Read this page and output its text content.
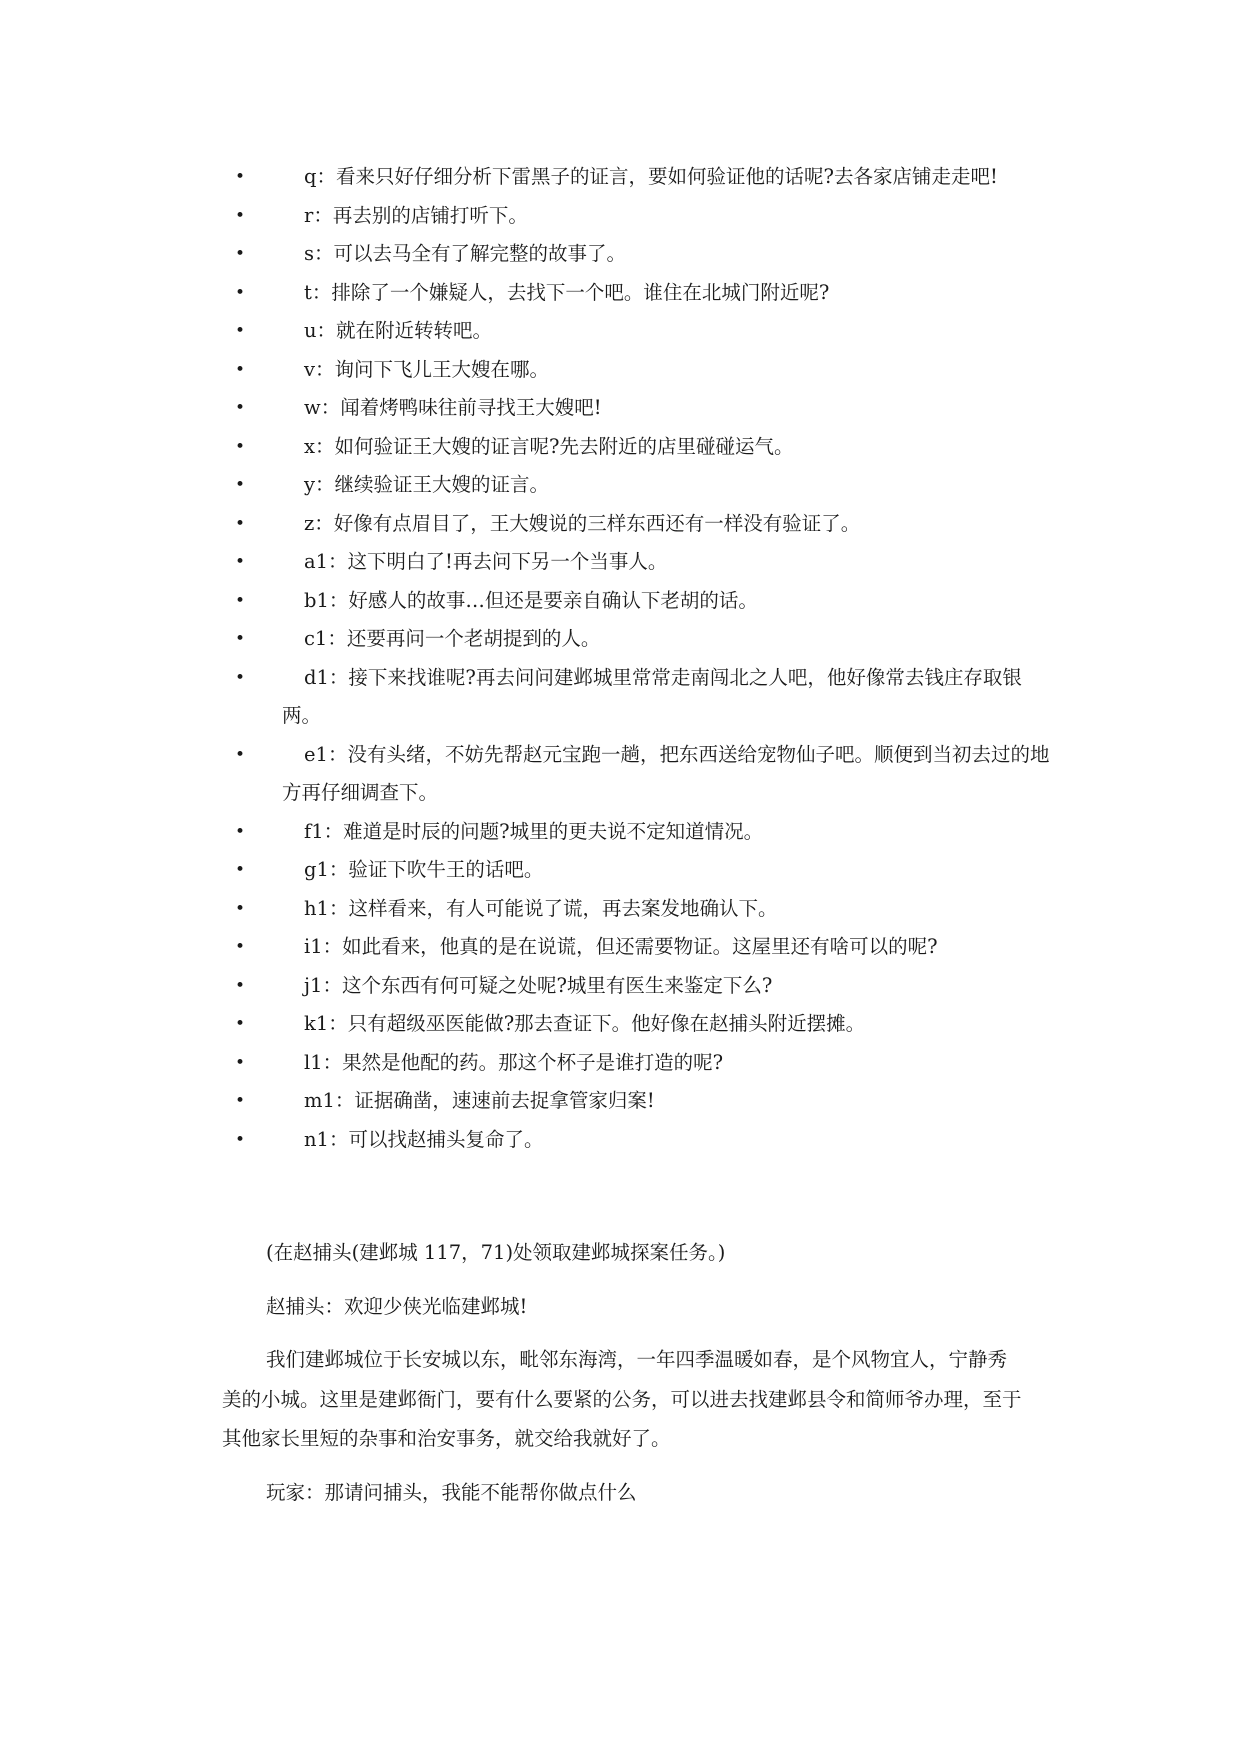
•	q：看来只好仔细分析下雷黑子的证言，要如何验证他的话呢?去各家店铺走走吧!
•	r：再去别的店铺打听下。
•	s：可以去马全有了解完整的故事了。
•	t：排除了一个嫌疑人，去找下一个吧。谁住在北城门附近呢?
•	u：就在附近转转吧。
•	v：询问下飞儿王大嫂在哪。
•	w：闻着烤鸭味往前寻找王大嫂吧!
•	x：如何验证王大嫂的证言呢?先去附近的店里碰碰运气。
•	y：继续验证王大嫂的证言。
•	z：好像有点眉目了，王大嫂说的三样东西还有一样没有验证了。
•	a1：这下明白了!再去问下另一个当事人。
•	b1：好感人的故事…但还是要亲自确认下老胡的话。
•	c1：还要再问一个老胡提到的人。
•	d1：接下来找谁呢?再去问问建邺城里常常走南闯北之人吧，他好像常去钱庄存取银两。
•	e1：没有头绪，不妨先帮赵元宝跑一趟，把东西送给宠物仙子吧。顺便到当初去过的地方再仔细调查下。
•	f1：难道是时辰的问题?城里的更夫说不定知道情况。
•	g1：验证下吹牛王的话吧。
•	h1：这样看来，有人可能说了谎，再去案发地确认下。
•	i1：如此看来，他真的是在说谎，但还需要物证。这屋里还有啥可以的呢?
•	j1：这个东西有何可疑之处呢?城里有医生来鉴定下么?
•	k1：只有超级巫医能做?那去查证下。他好像在赵捕头附近摆摊。
•	l1：果然是他配的药。那这个杯子是谁打造的呢?
•	m1：证据确凿，速速前去捉拿管家归案!
•	n1：可以找赵捕头复命了。

(在赵捕头(建邺城 117，71)处领取建邺城探案任务。)

赵捕头：欢迎少侠光临建邺城!

我们建邺城位于长安城以东，毗邻东海湾，一年四季温暖如春，是个风物宜人，宁静秀美的小城。这里是建邺衙门，要有什么要紧的公务，可以进去找建邺县令和简师爷办理，至于其他家长里短的杂事和治安事务，就交给我就好了。

玩家：那请问捕头，我能不能帮你做点什么
